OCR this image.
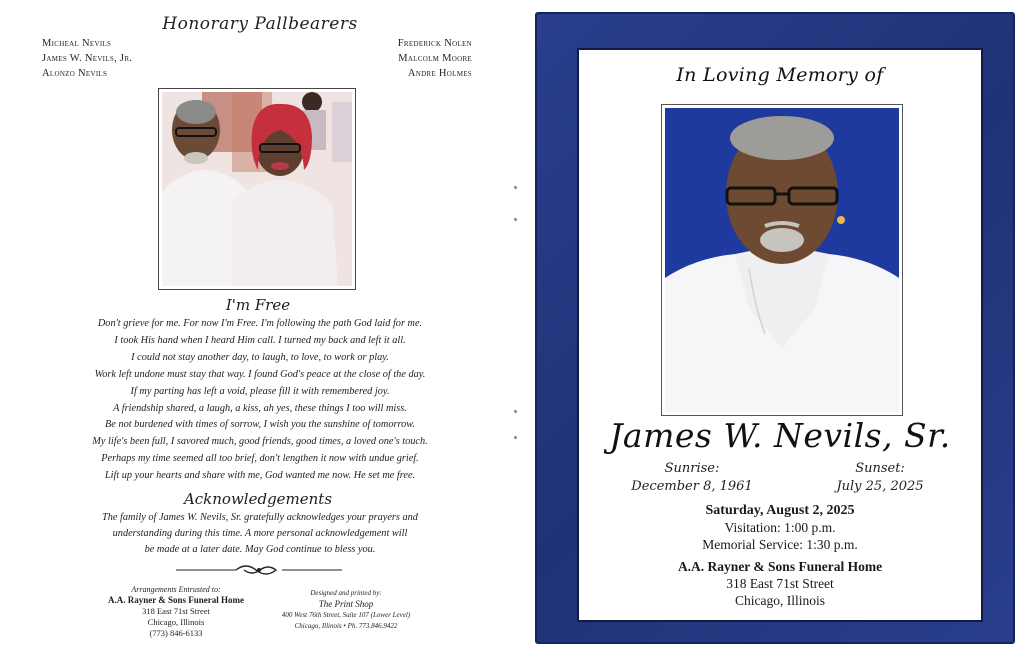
Honorary Pallbearers
Micheal Nevils
James W. Nevils, Jr.
Alonzo Nevils
Frederick Nolen
Malcolm Moore
Andre Holmes
I'm Free
Don't grieve for me. For now I'm Free. I'm following the path God laid for me.
I took His hand when I heard Him call. I turned my back and left it all.
I could not stay another day, to laugh, to love, to work or play.
Work left undone must stay that way. I found God's peace at the close of the day.
If my parting has left a void, please fill it with remembered joy.
A friendship shared, a laugh, a kiss, ah yes, these things I too will miss.
Be not burdened with times of sorrow, I wish you the sunshine of tomorrow.
My life's been full, I savored much, good friends, good times, a loved one's touch.
Perhaps my time seemed all too brief, don't lengthen it now with undue grief.
Lift up your hearts and share with me, God wanted me now. He set me free.
Acknowledgements
The family of James W. Nevils, Sr. gratefully acknowledges your prayers and
understanding during this time. A more personal acknowledgement will
be made at a later date. May God continue to bless you.
Arrangements Entrusted to:
A.A. Rayner & Sons Funeral Home
318 East 71st Street
Chicago, Illinois
(773) 846-6133
Designed and printed by:
The Print Shop
400 West 76th Street, Suite 107 (Lower Level)
Chicago, Illinois • Ph. 773.846.9422
In Loving Memory of
James W. Nevils, Sr.
Sunrise:
December 8, 1961
Sunset:
July 25, 2025
Saturday, August 2, 2025
Visitation: 1:00 p.m.
Memorial Service: 1:30 p.m.
A.A. Rayner & Sons Funeral Home
318 East 71st Street
Chicago, Illinois
